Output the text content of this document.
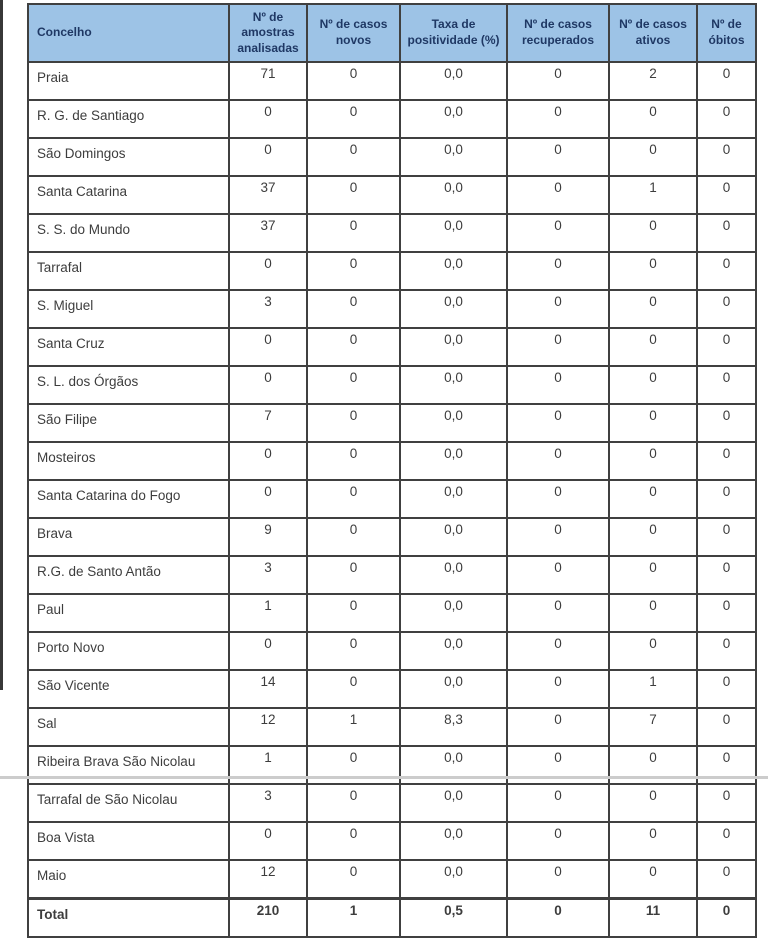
Concelho	Nº de amostras analisadas	Nº de casos novos	Taxa de positividade (%)	Nº de casos recuperados	Nº de casos ativos	Nº de óbitos
Praia	71	0	0,0	0	2	0
R. G. de Santiago	0	0	0,0	0	0	0
São Domingos	0	0	0,0	0	0	0
Santa Catarina	37	0	0,0	0	1	0
S. S. do Mundo	37	0	0,0	0	0	0
Tarrafal	0	0	0,0	0	0	0
S. Miguel	3	0	0,0	0	0	0
Santa Cruz	0	0	0,0	0	0	0
S. L. dos Órgãos	0	0	0,0	0	0	0
São Filipe	7	0	0,0	0	0	0
Mosteiros	0	0	0,0	0	0	0
Santa Catarina do Fogo	0	0	0,0	0	0	0
Brava	9	0	0,0	0	0	0
R.G. de Santo Antão	3	0	0,0	0	0	0
Paul	1	0	0,0	0	0	0
Porto Novo	0	0	0,0	0	0	0
São Vicente	14	0	0,0	0	1	0
Sal	12	1	8,3	0	7	0
Ribeira Brava São Nicolau	1	0	0,0	0	0	0
Tarrafal de São Nicolau	3	0	0,0	0	0	0
Boa Vista	0	0	0,0	0	0	0
Maio	12	0	0,0	0	0	0
Total	210	1	0,5	0	11	0
